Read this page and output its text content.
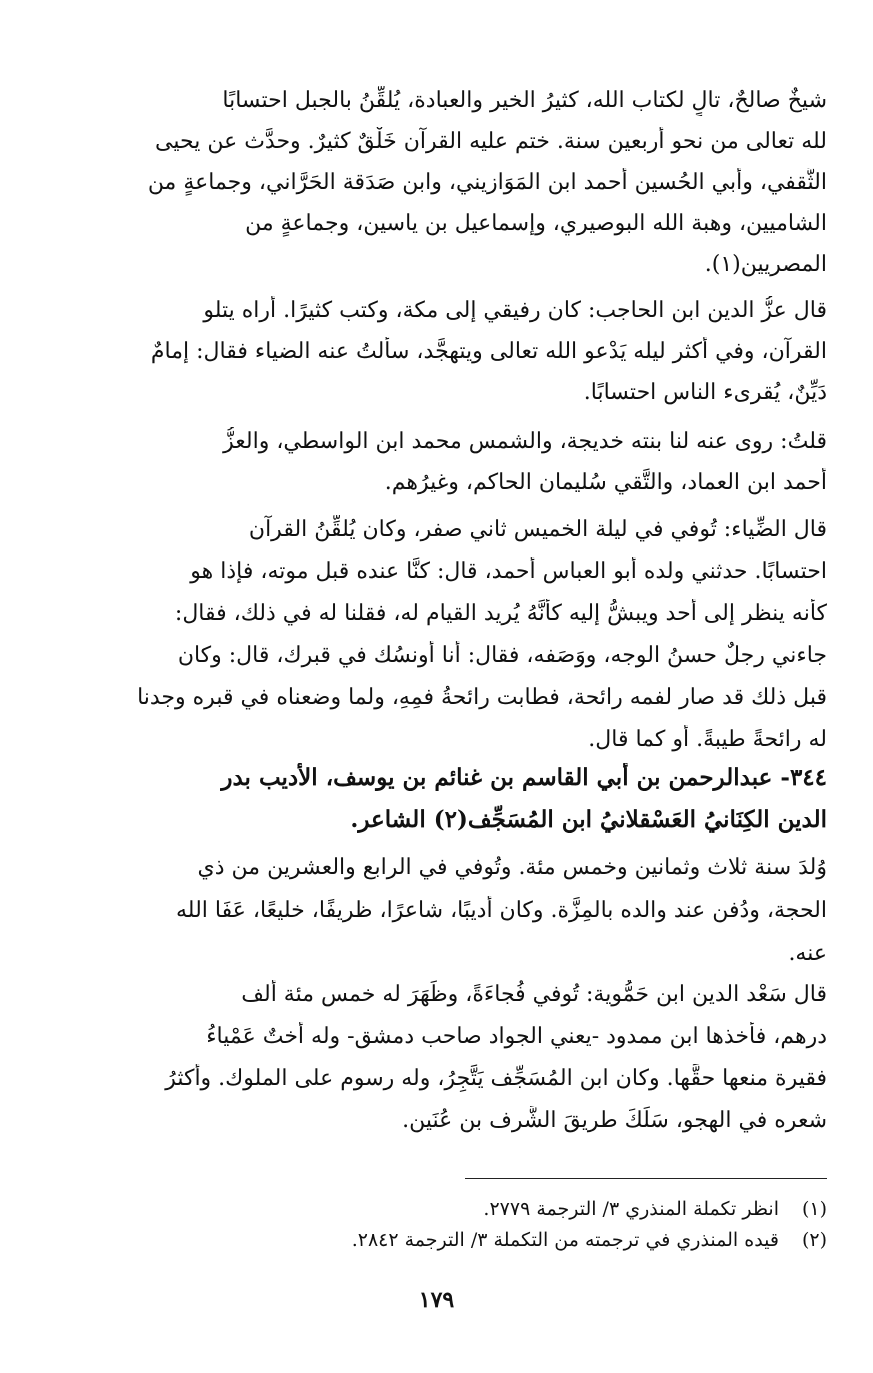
شيخٌ صالحٌ، تالٍ لكتاب الله، كثيرُ الخير والعبادة، يُلقِّنُ بالجبل احتسابًا
لله تعالى من نحو أربعين سنة. ختم عليه القرآن خَلْقٌ كثيرٌ. وحدَّث عن يحيى
الثَّقفي، وأبي الحُسين أحمد ابن المَوَازيني، وابن صَدَقة الحَرَّاني، وجماعةٍ من
الشاميين، وهبة الله البوصيري، وإسماعيل بن ياسين، وجماعةٍ من
المصريين(١).
قال عزُّ الدين ابن الحاجب: كان رفيقي إلى مكة، وكتب كثيرًا. أراه يتلو
القرآن، وفي أكثر ليله يَدْعو الله تعالى ويتهجَّد، سألتُ عنه الضياء فقال: إمامٌ
دَيِّنٌ، يُقرىء الناس احتسابًا.
قلتُ: روى عنه لنا بنته خديجة، والشمس محمد ابن الواسطي، والعزُّ
أحمد ابن العماد، والتَّقي سُليمان الحاكم، وغيرُهم.
قال الضِّياء: تُوفي في ليلة الخميس ثاني صفر، وكان يُلقِّنُ القرآن
احتسابًا. حدثني ولده أبو العباس أحمد، قال: كنَّا عنده قبل موته، فإذا هو
كأنه ينظر إلى أحد ويبشُّ إليه كأنَّهُ يُريد القيام له، فقلنا له في ذلك، فقال:
جاءني رجلٌ حسنُ الوجه، ووَصَفه، فقال: أنا أُونسُك في قبرك، قال: وكان
قبل ذلك قد صار لفمه رائحة، فطابت رائحةُ فمِهِ، ولما وضعناه في قبره وجدنا
له رائحةً طيبةً. أو كما قال.
٣٤٤- عبدالرحمن بن أبي القاسم بن غنائم بن يوسف، الأديب بدر
الدين الكِنَانيُ العَسْقلانيُ ابن المُسَجِّف(٢) الشاعر.
وُلدَ سنة ثلاث وثمانين وخمس مئة. وتُوفي في الرابع والعشرين من ذي
الحجة، ودُفن عند والده بالمِزَّة. وكان أديبًا، شاعرًا، ظريفًا، خليعًا، عَفَا الله
عنه.
قال سَعْد الدين ابن حَمُّوية: تُوفي فُجاءَةً، وظَهَرَ له خمس مئة ألف
درهم، فأخذها ابن ممدود -يعني الجواد صاحب دمشق- وله أُختٌ عَمْياءُ
فقيرة منعها حقَّها. وكان ابن المُسَجِّف يَتَّجِرُ، وله رسوم على الملوك. وأكثرُ
شعره في الهجو، سَلَكَ طريقَ الشَّرف بن عُنَين.
(١)انظر تكملة المنذري ٣/ الترجمة ٢٧٧٩.
(٢)قيده المنذري في ترجمته من التكملة ٣/ الترجمة ٢٨٤٢.
١٧٩
